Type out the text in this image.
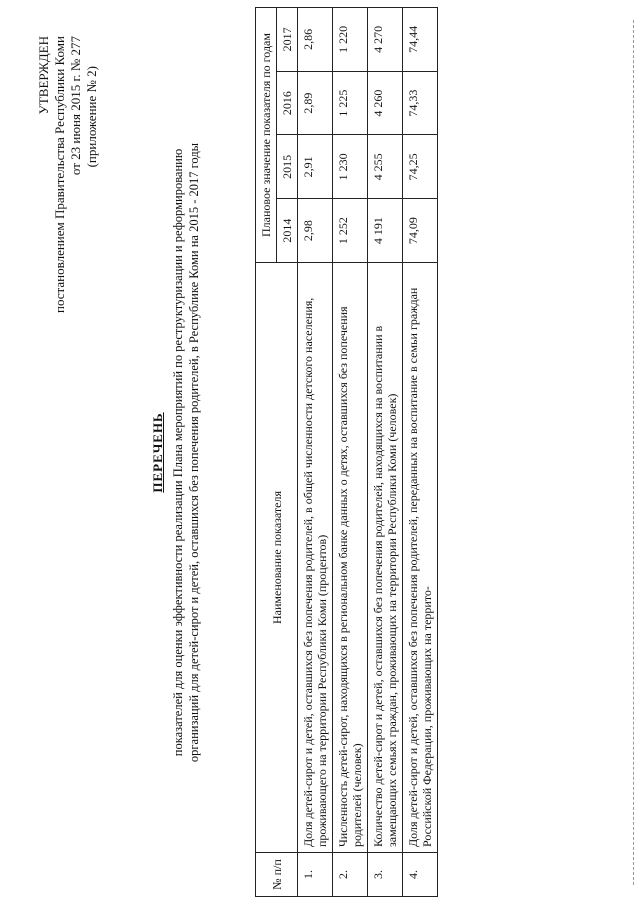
УТВЕРЖДЕН постановлением Правительства Республики Коми от 23 июня 2015 г. № 277 (приложение № 2)
ПЕРЕЧЕНЬ показателей для оценки эффективности реализации Плана мероприятий по реструктуризации и реформированию организаций для детей-сирот и детей, оставшихся без попечения родителей, в Республике Коми на 2015 - 2017 годы
№ п/п	Наименование показателя	Плановое значение показателя по годам			
		2014	2015	2016	2017
1.	Доля детей-сирот и детей, оставшихся без попечения родителей, в общей численности детского населения, проживающего на территории Республики Коми (процентов)	2,98	2,91	2,89	2,86
2.	Численность детей-сирот, находящихся в региональном банке данных о детях, оставшихся без попечения родителей (человек)	1 252	1 230	1 225	1 220
3.	Количество детей-сирот и детей, оставшихся без попечения родителей, находящихся на воспитании в замещающих семьях граждан, проживающих на территории Республики Коми (человек)	4 191	4 255	4 260	4 270
4.	Доля детей-сирот и детей, оставшихся без попечения родителей, переданных на воспитание в семьи граждан Российской Федерации, проживающих на террито-	74,09	74,25	74,33	74,44
